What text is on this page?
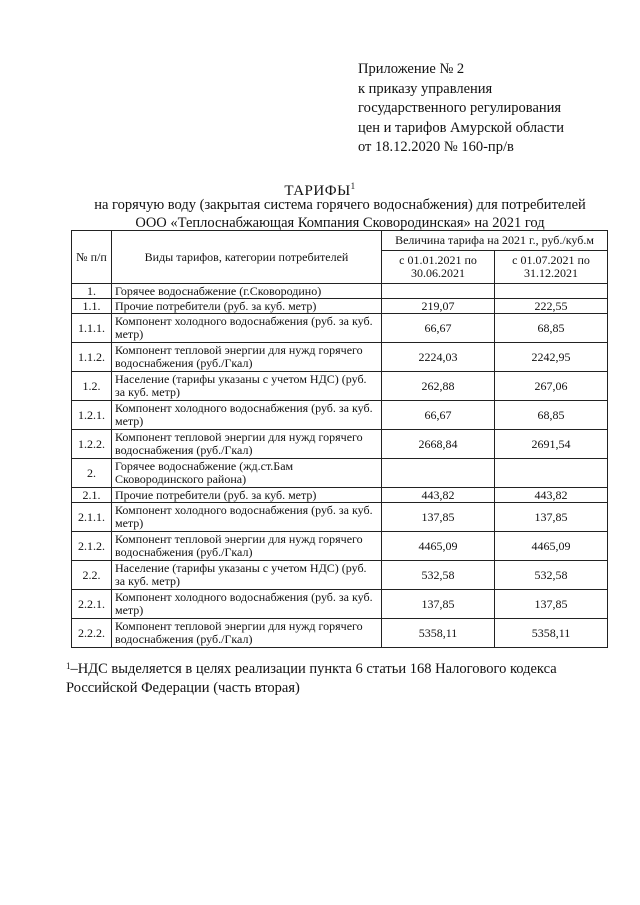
Приложение № 2
к приказу управления
государственного регулирования
цен и тарифов Амурской области
от 18.12.2020 № 160-пр/в
ТАРИФЫ$^1$
на горячую воду (закрытая система горячего водоснабжения) для потребителей
ООО «Теплоснабжающая Компания Сковородинская» на 2021 год
№ п/п	Виды тарифов, категории потребителей	Величина тарифа на 2021 г., руб./куб.м	
		с 01.01.2021 по 30.06.2021	с 01.07.2021 по 31.12.2021
1.	Горячее водоснабжение (г.Сковородино)		
1.1.	Прочие потребители (руб. за куб. метр)	219,07	222,55
1.1.1.	Компонент холодного водоснабжения (руб. за куб. метр)	66,67	68,85
1.1.2.	Компонент тепловой энергии для нужд горячего водоснабжения (руб./Гкал)	2224,03	2242,95
1.2.	Население (тарифы указаны с учетом НДС) (руб. за куб. метр)	262,88	267,06
1.2.1.	Компонент холодного водоснабжения (руб. за куб. метр)	66,67	68,85
1.2.2.	Компонент тепловой энергии для нужд горячего водоснабжения (руб./Гкал)	2668,84	2691,54
2.	Горячее водоснабжение (жд.ст.Бам Сковородинского района)		
2.1.	Прочие потребители (руб. за куб. метр)	443,82	443,82
2.1.1.	Компонент холодного водоснабжения (руб. за куб. метр)	137,85	137,85
2.1.2.	Компонент тепловой энергии для нужд горячего водоснабжения (руб./Гкал)	4465,09	4465,09
2.2.	Население (тарифы указаны с учетом НДС) (руб. за куб. метр)	532,58	532,58
2.2.1.	Компонент холодного водоснабжения (руб. за куб. метр)	137,85	137,85
2.2.2.	Компонент тепловой энергии для нужд горячего водоснабжения (руб./Гкал)	5358,11	5358,11
$^1$–НДС выделяется в целях реализации пункта 6 статьи 168 Налогового кодекса Российской Федерации (часть вторая)
